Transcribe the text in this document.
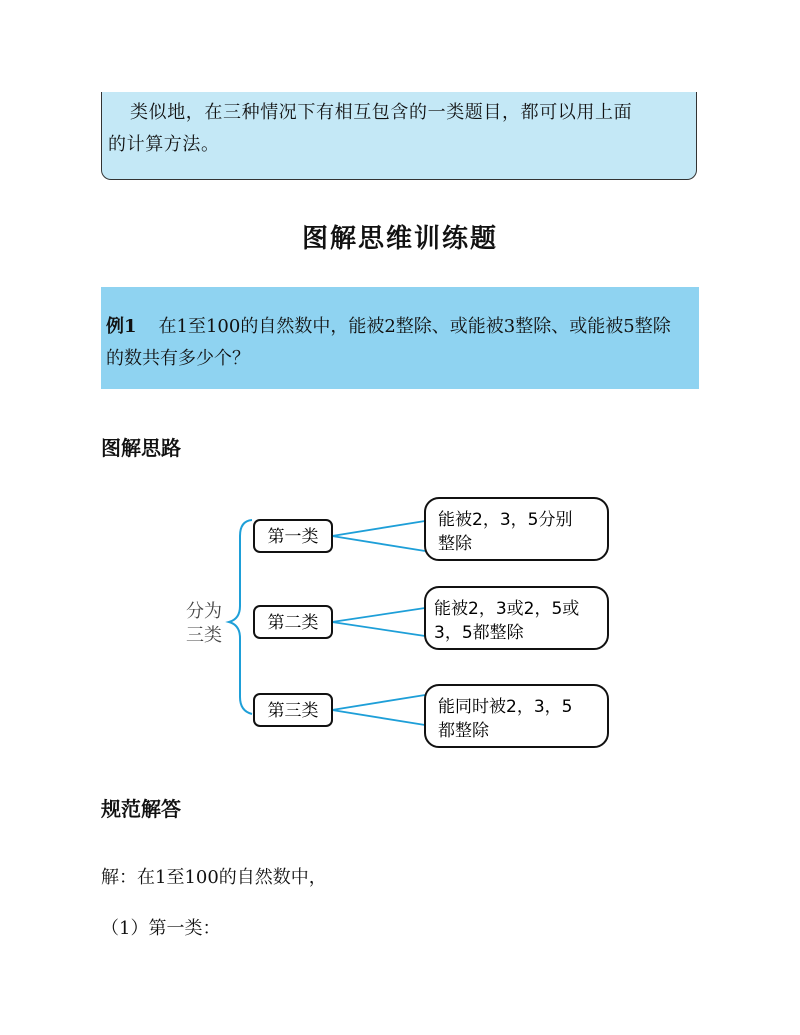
类似地，在三种情况下有相互包含的一类题目，都可以用上面
的计算方法。
图解思维训练题
例1 在1至100的自然数中，能被2整除、或能被3整除、或能被5整除
的数共有多少个？
图解思路
分为
三类
第一类
第二类
第三类
能被2，3，5分别
整除
能被2，3或2，5或
3，5都整除
能同时被2，3，5
都整除
规范解答
解：在1至100的自然数中，
（1）第一类：
